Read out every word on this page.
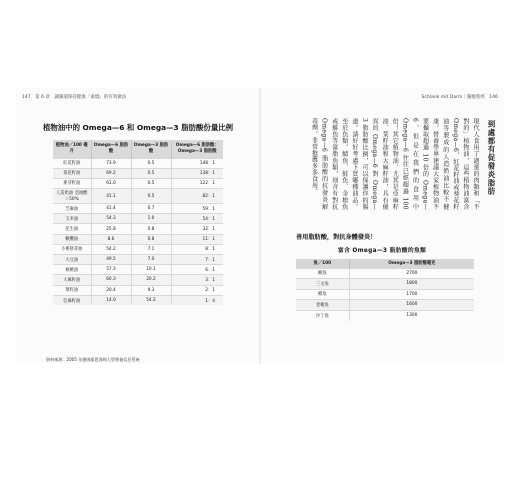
147　第 6 章　讓腸道保持健康「素燒」的有效做法
植物油中的 Omega—6 和 Omega—3 脂肪酸份量比例
植物油／100 毫升	Omega—6 脂肪酸	Omega—3 脂肪酸	Omega—6 脂肪酸：Omega—3 脂肪酸
紅花籽油	73.9	0.5	148：1
葵花籽油	69.2	0.5	138：1
麥芽籽油	61.0	0.5	122：1
人造奶油 亞油酸＞50%	41.1	0.5	82：1
芝麻油	41.4	0.7	59：1
玉米油	54.3	1.0	54：1
花生油	25.8	0.8	32：1
橄欖油	8.6	0.8	11：1
小麥胚芽油	54.2	7.1	8：1
大豆油	49.5	7.0	7：1
核桃油	57.3	10.1	6：1
大麻籽油	60.3	20.2	3：1
菜籽油	20.4	9.3	2：1
亞麻籽油	14.0	54.2	1：4
Schlank mit Darm｜腸瘦聖經　146
到處都有促發炎脂肪
現代人食用了過量的肉類和「不對的」植物油，這些植物油富含 Omega—6，紅花籽油或葵花籽油等製成的人造奶油比較不健康。營養學界建議大家植物油不要攝取超過 10 倍的 Omega—6，但是在我們的食用中 Omega—6 往往已經超過 100 倍！其它植物油，尤其是亞麻籽油、菜籽油和大麻籽油，具有優異的 Omega—6 對 Omega—3 脂肪酸比例，可以保護你的腸道。請好好考慮下買哪種油品。至於魚類，鯖魚、鮭魚、金槍魚或鯡魚等富脂魚類，則含有對抗 Omega—6 脂肪酸的抗發炎解毒劑，非常推薦多多食用。
善用脂肪酸，對抗身體發炎！
富含 Omega—3 脂肪酸的魚類
魚／100	Omega—3 脂肪酸毫克
鯖魚	2700
三文魚	1800
鯡魚	1700
金槍魚	1600
沙丁魚	1300
資料來源：2005 年德國霍恩海姆大學營養信息系統
